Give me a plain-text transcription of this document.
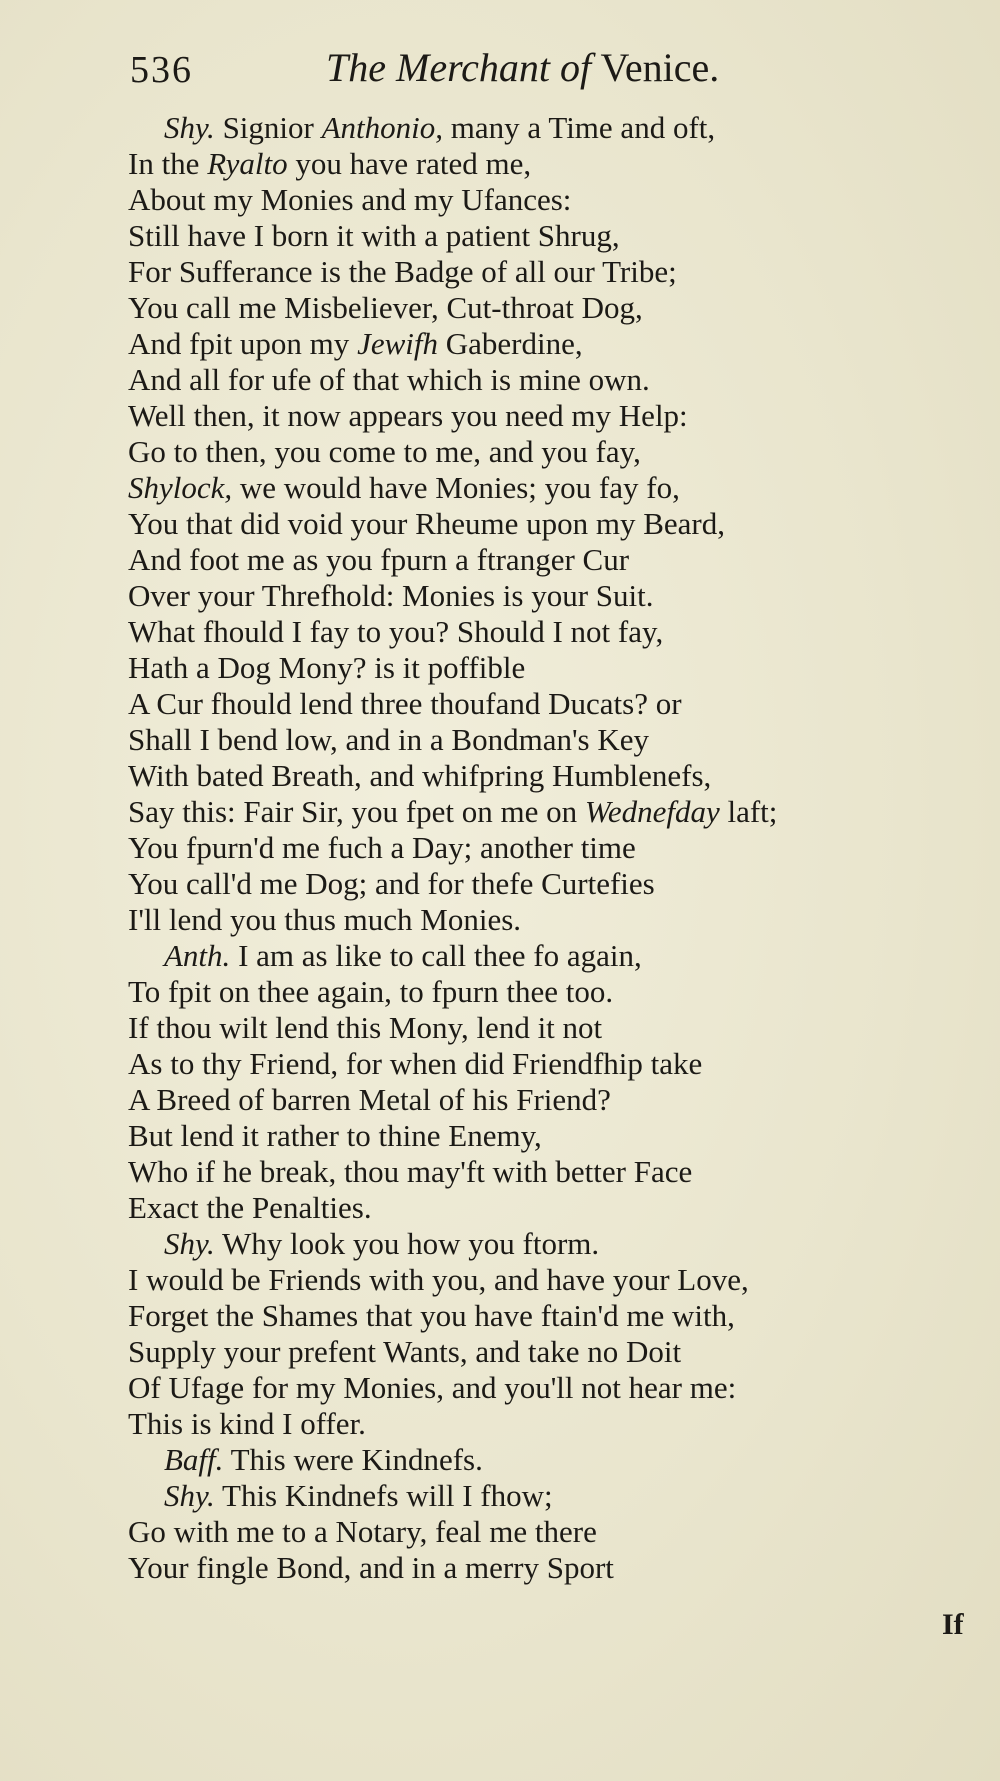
536	The Merchant of Venice.
Shy. Signior Anthonio, many a Time and oft,
In the Ryalto you have rated me,
About my Monies and my Ufances:
Still have I born it with a patient Shrug,
For Sufferance is the Badge of all our Tribe;
You call me Misbeliever, Cut-throat Dog,
And fpit upon my Jewifh Gaberdine,
And all for ufe of that which is mine own.
Well then, it now appears you need my Help:
Go to then, you come to me, and you fay,
Shylock, we would have Monies; you fay fo,
You that did void your Rheume upon my Beard,
And foot me as you fpurn a ftranger Cur
Over your Threfhold: Monies is your Suit.
What fhould I fay to you? Should I not fay,
Hath a Dog Mony? is it poffible
A Cur fhould lend three thoufand Ducats? or
Shall I bend low, and in a Bondman's Key
With bated Breath, and whifpring Humblenefs,
Say this: Fair Sir, you fpet on me on Wednefday laft;
You fpurn'd me fuch a Day; another time
You call'd me Dog; and for thefe Curtefies
I'll lend you thus much Monies.
Anth. I am as like to call thee fo again,
To fpit on thee again, to fpurn thee too.
If thou wilt lend this Mony, lend it not
As to thy Friend, for when did Friendfhip take
A Breed of barren Metal of his Friend?
But lend it rather to thine Enemy,
Who if he break, thou may'ft with better Face
Exact the Penalties.
Shy. Why look you how you ftorm.
I would be Friends with you, and have your Love,
Forget the Shames that you have ftain'd me with,
Supply your prefent Wants, and take no Doit
Of Ufage for my Monies, and you'll not hear me:
This is kind I offer.
Baff. This were Kindnefs.
Shy. This Kindnefs will I fhow;
Go with me to a Notary, feal me there
Your fingle Bond, and in a merry Sport
If
